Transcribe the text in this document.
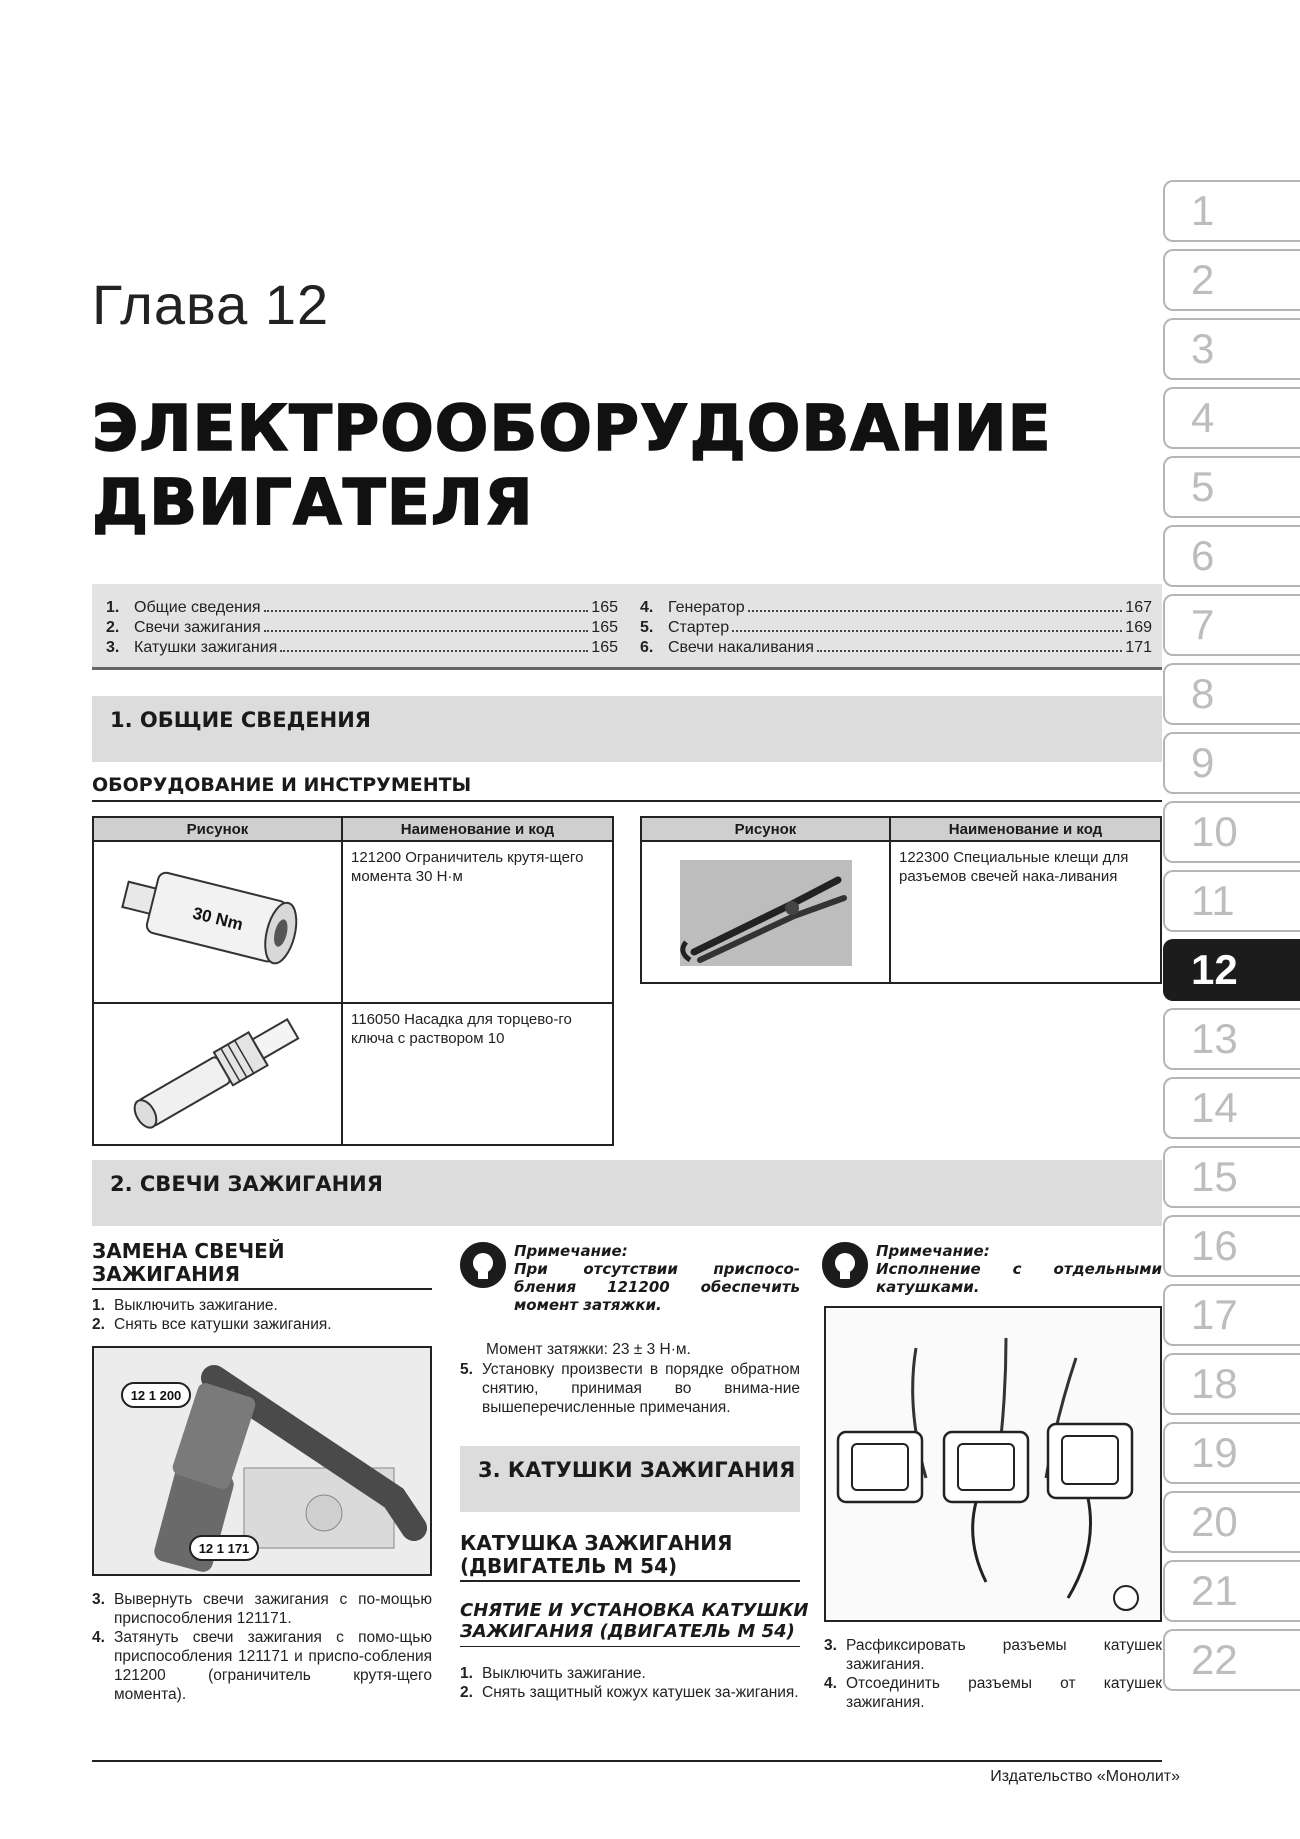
Глава 12
ЭЛЕКТРООБОРУДОВАНИЕ
ДВИГАТЕЛЯ
1
2
3
4
5
6
7
8
9
10
11
12
13
14
15
16
17
18
19
20
21
22
1. Общие сведения	165
2. Свечи зажигания	165
3. Катушки зажигания	165
4. Генератор	167
5. Стартер	169
6. Свечи накаливания	171
1. ОБЩИЕ СВЕДЕНИЯ
ОБОРУДОВАНИЕ И ИНСТРУМЕНТЫ
Рисунок	Наименование и код

30 Nm	121200 Ограничитель крутя-щего момента 30 Н·м
	116050 Насадка для торцево-го ключа с раствором 10
Рисунок	Наименование и код
	122300 Специальные клещи для разъемов свечей нака-ливания
2. СВЕЧИ ЗАЖИГАНИЯ
ЗАМЕНА СВЕЧЕЙ
ЗАЖИГАНИЯ
1. Выключить зажигание.
2. Снять все катушки зажигания.
12 1 200
12 1 171
3. Вывернуть свечи зажигания с по-мощью приспособления 121171.
4. Затянуть свечи зажигания с помо-щью приспособления 121171 и приспо-собления 121200 (ограничитель крутя-щего момента).
Примечание:
При отсутствии приспосо-бления 121200 обеспечить момент затяжки.
Момент затяжки: 23 ± 3 Н·м.
5. Установку произвести в порядке обратном снятию, принимая во внима-ние вышеперечисленные примечания.
3. КАТУШКИ ЗАЖИГАНИЯ
КАТУШКА ЗАЖИГАНИЯ
(ДВИГАТЕЛЬ М 54)
СНЯТИЕ И УСТАНОВКА КАТУШКИ
ЗАЖИГАНИЯ (ДВИГАТЕЛЬ М 54)
1. Выключить зажигание.
2. Снять защитный кожух катушек за-жигания.
Примечание:
Исполнение с отдельными катушками.
3. Расфиксировать разъемы катушек зажигания.
4. Отсоединить разъемы от катушек зажигания.
Издательство «Монолит»
